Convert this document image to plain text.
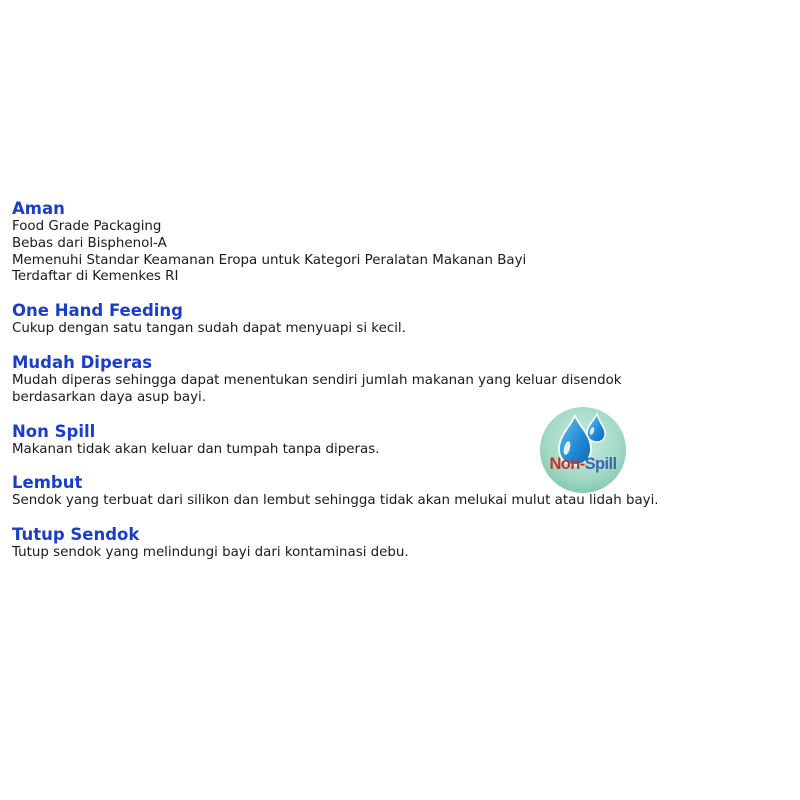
Aman
Food Grade Packaging
Bebas dari Bisphenol-A
Memenuhi Standar Keamanan Eropa untuk Kategori Peralatan Makanan Bayi
Terdaftar di Kemenkes RI
One Hand Feeding
Cukup dengan satu tangan sudah dapat menyuapi si kecil.
Mudah Diperas
Mudah diperas sehingga dapat menentukan sendiri jumlah makanan yang keluar disendok
berdasarkan daya asup bayi.
Non Spill
Makanan tidak akan keluar dan tumpah tanpa diperas.
Lembut
Sendok yang terbuat dari silikon dan lembut sehingga tidak akan melukai mulut atau lidah bayi.
Tutup Sendok
Tutup sendok yang melindungi bayi dari kontaminasi debu.
Non-Spill
